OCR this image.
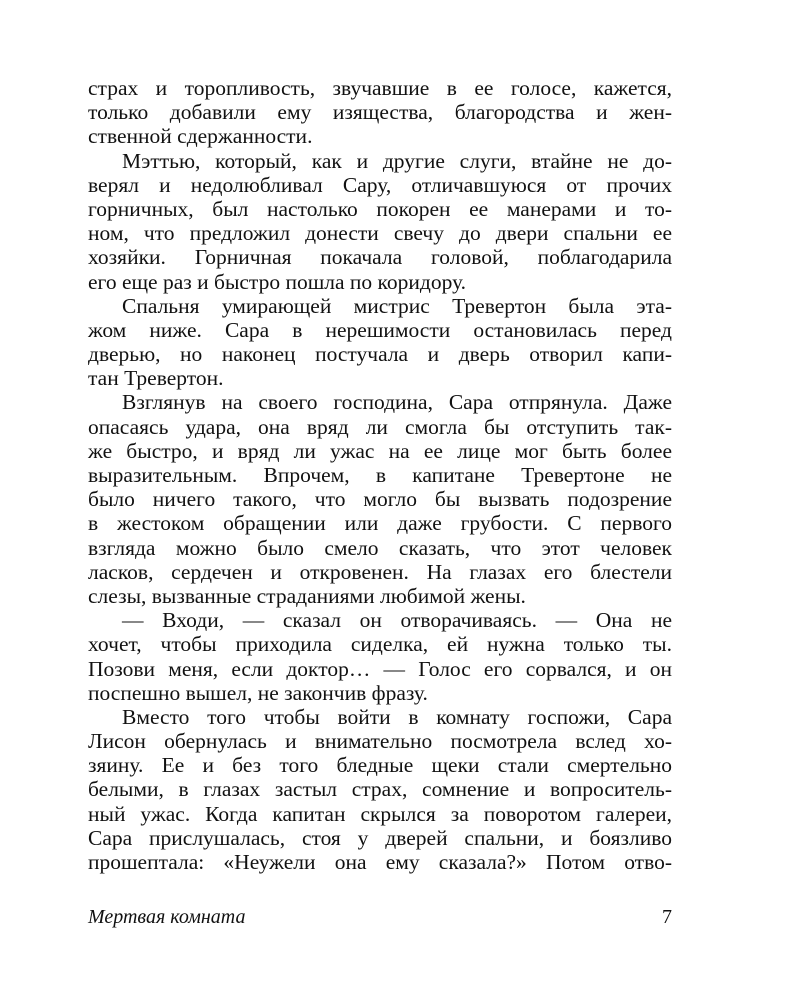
страх и торопливость, звучавшие в ее голосе, кажется,
только добавили ему изящества, благородства и жен-
ственной сдержанности.
Мэттью, который, как и другие слуги, втайне не до-
верял и недолюбливал Сару, отличавшуюся от прочих
горничных, был настолько покорен ее манерами и то-
ном, что предложил донести свечу до двери спальни ее
хозяйки. Горничная покачала головой, поблагодарила
его еще раз и быстро пошла по коридору.
Спальня умирающей мистрис Тревертон была эта-
жом ниже. Сара в нерешимости остановилась перед
дверью, но наконец постучала и дверь отворил капи-
тан Тревертон.
Взглянув на своего господина, Сара отпрянула. Даже
опасаясь удара, она вряд ли смогла бы отступить так-
же быстро, и вряд ли ужас на ее лице мог быть более
выразительным. Впрочем, в капитане Тревертоне не
было ничего такого, что могло бы вызвать подозрение
в жестоком обращении или даже грубости. С первого
взгляда можно было смело сказать, что этот человек
ласков, сердечен и откровенен. На глазах его блестели
слезы, вызванные страданиями любимой жены.
— Входи, — сказал он отворачиваясь. — Она не
хочет, чтобы приходила сиделка, ей нужна только ты.
Позови меня, если доктор… — Голос его сорвался, и он
поспешно вышел, не закончив фразу.
Вместо того чтобы войти в комнату госпожи, Сара
Лисон обернулась и внимательно посмотрела вслед хо-
зяину. Ее и без того бледные щеки стали смертельно
белыми, в глазах застыл страх, сомнение и вопроситель-
ный ужас. Когда капитан скрылся за поворотом галереи,
Сара прислушалась, стоя у дверей спальни, и боязливо
прошептала: «Неужели она ему сказала?» Потом отво-
Мертвая комната	7
